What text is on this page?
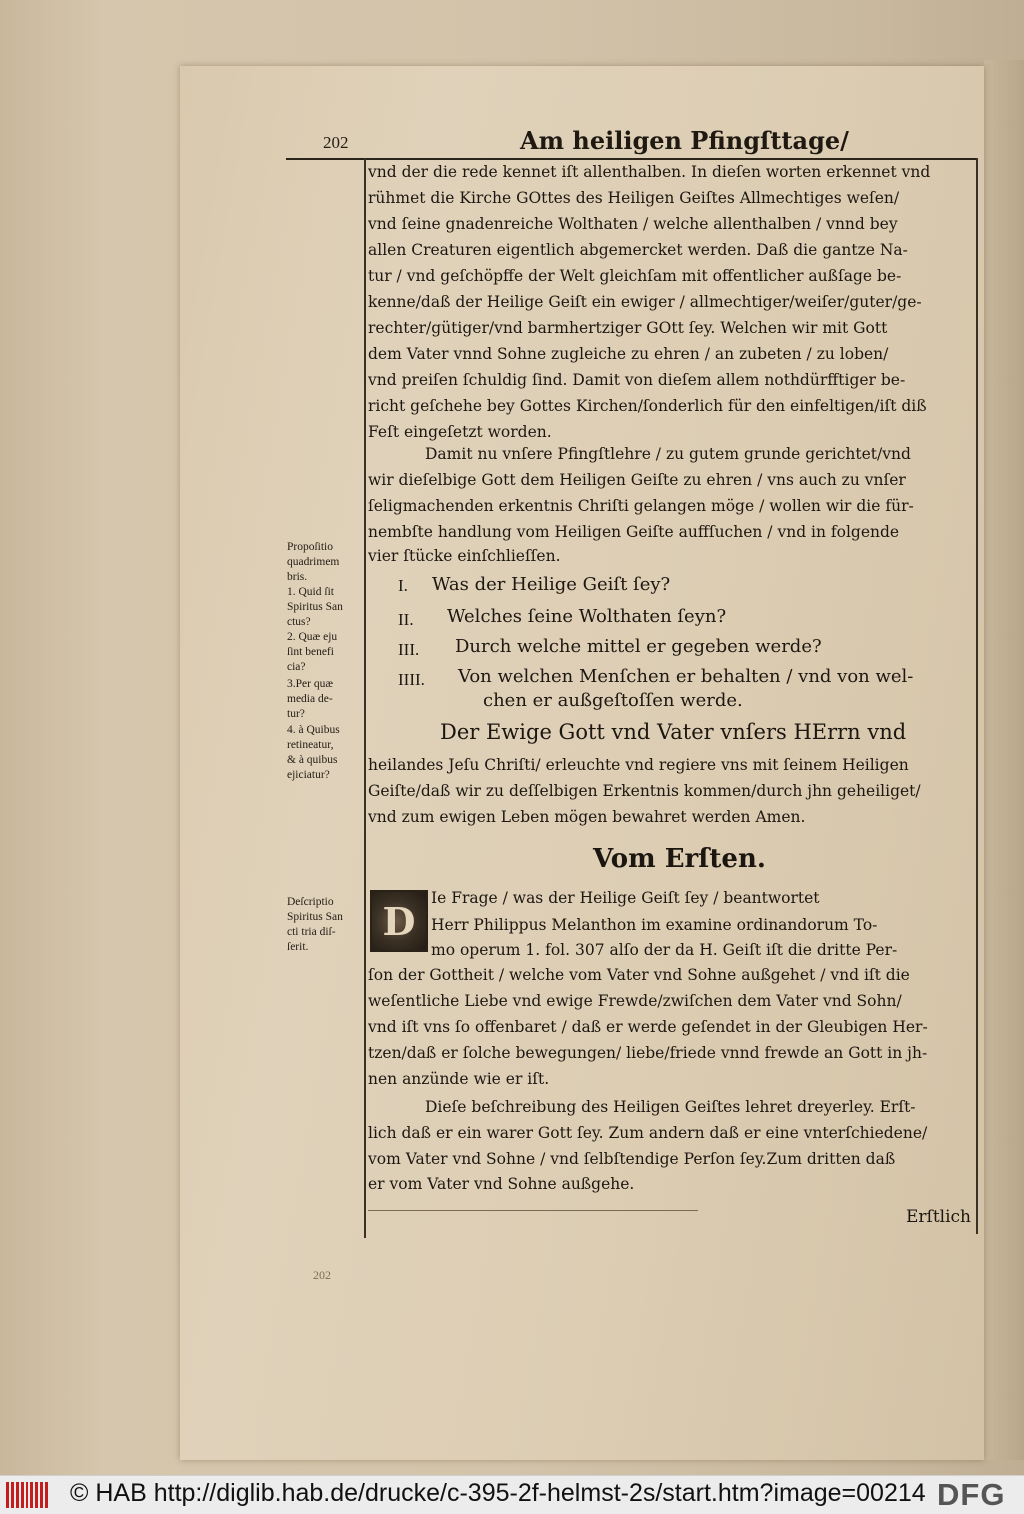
202	Am heiligen Pfingſttage/
vnd der die rede kennet iſt allenthalben. In dieſen worten erkennet vnd
rühmet die Kirche GOttes des Heiligen Geiſtes Allmechtiges weſen/
vnd ſeine gnadenreiche Wolthaten / welche allenthalben / vnnd bey
allen Creaturen eigentlich abgemercket werden. Daß die gantze Na-
tur / vnd geſchöpffe der Welt gleichſam mit offentlicher außſage be-
kenne/daß der Heilige Geiſt ein ewiger / allmechtiger/weiſer/guter/ge-
rechter/gütiger/vnd barmhertziger GOtt ſey. Welchen wir mit Gott
dem Vater vnnd Sohne zugleiche zu ehren / an zubeten / zu loben/
vnd preiſen ſchuldig ſind. Damit von dieſem allem nothdürfftiger be-
richt geſchehe bey Gottes Kirchen/ſonderlich für den einfeltigen/iſt diß
Feſt eingeſetzt worden.
Damit nu vnſere Pfingſtlehre / zu gutem grunde gerichtet/vnd
wir dieſelbige Gott dem Heiligen Geiſte zu ehren / vns auch zu vnſer
ſeligmachenden erkentnis Chriſti gelangen möge / wollen wir die für-
nembſte handlung vom Heiligen Geiſte auffſuchen / vnd in folgende
vier ſtücke einſchlieſſen.
I. Was der Heilige Geiſt ſey?
II. Welches ſeine Wolthaten ſeyn?
III. Durch welche mittel er gegeben werde?
IIII. Von welchen Menſchen er behalten / vnd von wel-
chen er außgeſtoſſen werde.
Der Ewige Gott vnd Vater vnſers HErrn vnd
heilandes Jeſu Chriſti/ erleuchte vnd regiere vns mit ſeinem Heiligen
Geiſte/daß wir zu deſſelbigen Erkentnis kommen/durch jhn geheiliget/
vnd zum ewigen Leben mögen bewahret werden Amen.
Vom Erſten.
D
Ie Frage / was der Heilige Geiſt ſey / beantwortet
Herr Philippus Melanthon im examine ordinandorum To-
mo operum 1. fol. 307 alſo der da H. Geiſt iſt die dritte Per-
ſon der Gottheit / welche vom Vater vnd Sohne außgehet / vnd iſt die
weſentliche Liebe vnd ewige Frewde/zwiſchen dem Vater vnd Sohn/
vnd iſt vns ſo offenbaret / daß er werde geſendet in der Gleubigen Her-
tzen/daß er ſolche bewegungen/ liebe/friede vnnd frewde an Gott in jh-
nen anzünde wie er iſt.
Dieſe beſchreibung des Heiligen Geiſtes lehret dreyerley. Erſt-
lich daß er ein warer Gott ſey. Zum andern daß er eine vnterſchiedene/
vom Vater vnd Sohne / vnd ſelbſtendige Perſon ſey.Zum dritten daß
er vom Vater vnd Sohne außgehe.
Erſtlich
202
Propoſitio
quadrimem
bris.
1. Quid ſit
Spiritus San
ctus?
2. Quæ eju
ſint benefi
cia?
3.Per quæ
media de-
tur?
4. à Quibus
retineatur,
& à quibus
ejiciatur?
Deſcriptio
Spiritus San
cti tria diſ-
ſerit.
© HAB http://diglib.hab.de/drucke/c-395-2f-helmst-2s/start.htm?image=00214 DFG
